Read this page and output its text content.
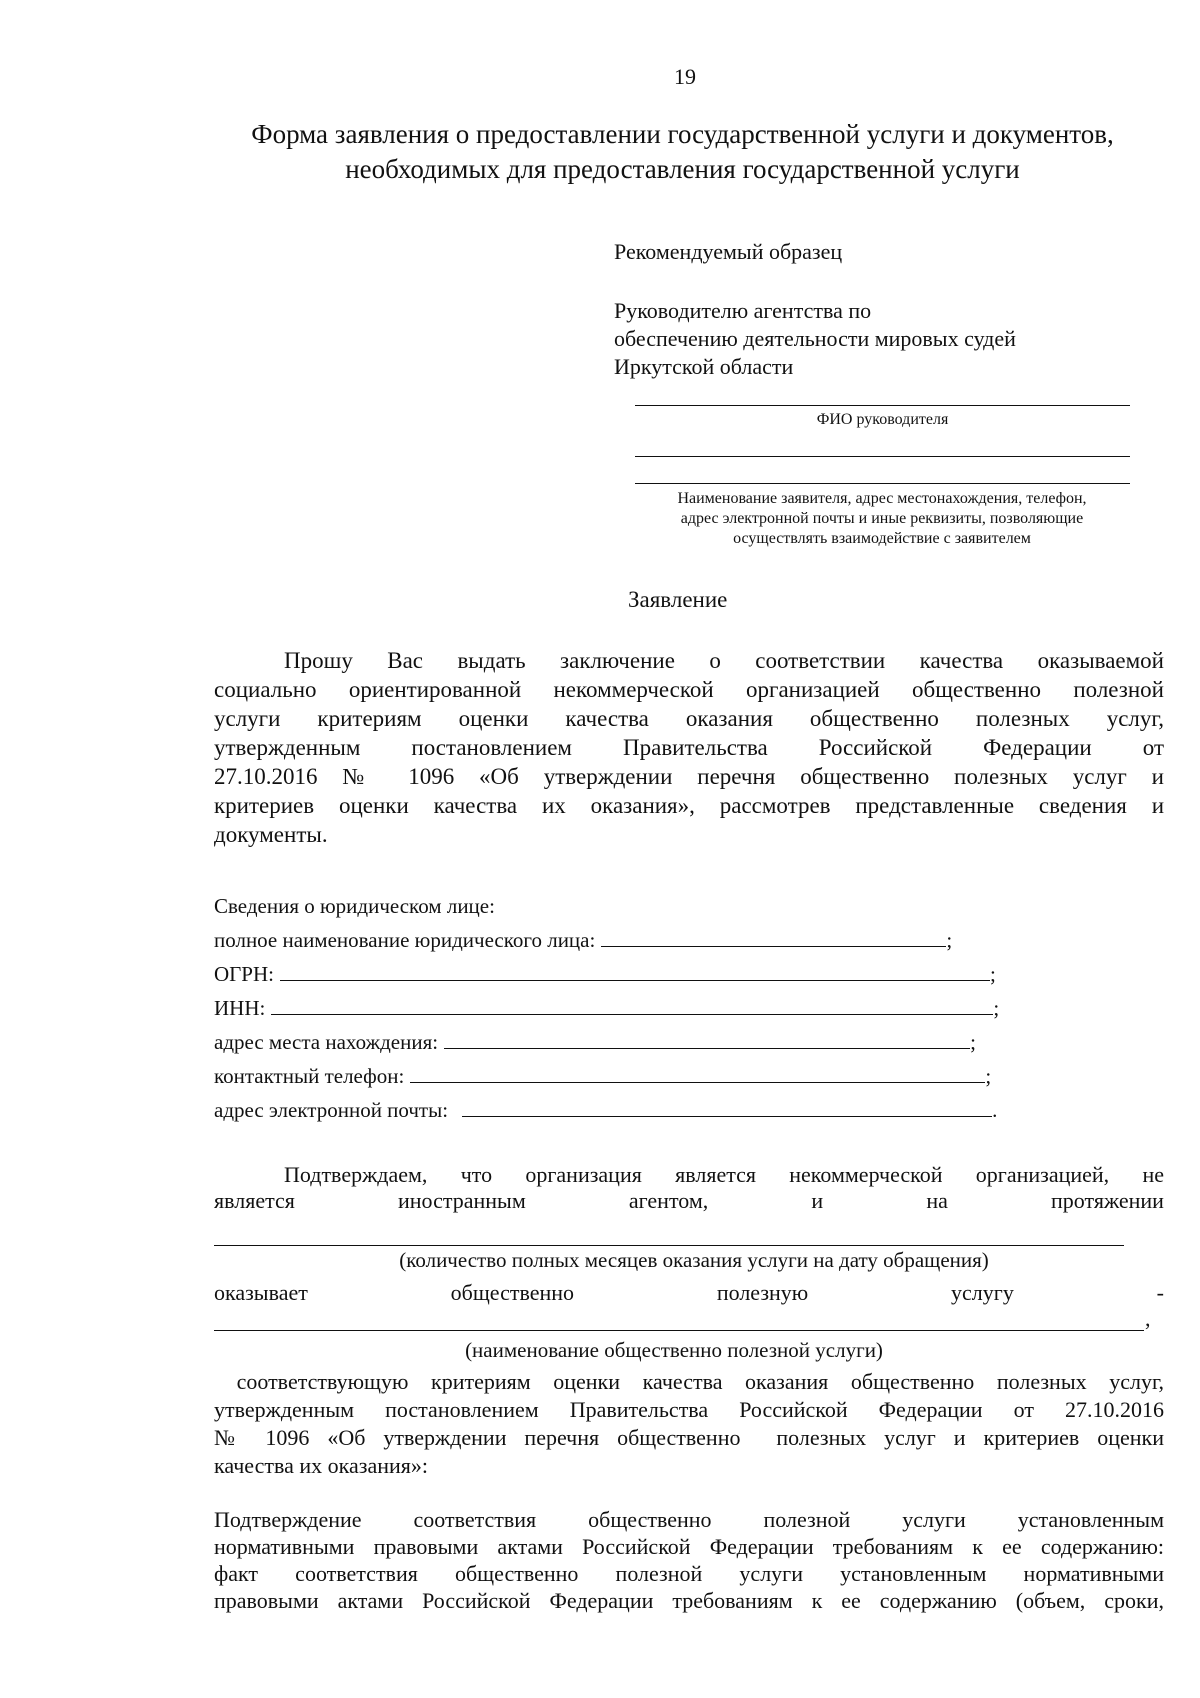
19
Форма заявления о предоставлении государственной услуги и документов,
необходимых для предоставления государственной услуги
Рекомендуемый образец
Руководителю агентства по
обеспечению деятельности мировых судей
Иркутской области
ФИО руководителя
Наименование заявителя, адрес местонахождения, телефон,
адрес электронной почты и иные реквизиты, позволяющие
осуществлять взаимодействие с заявителем
Заявление
Прошу Вас выдать заключение о соответствии качества оказываемой
социально ориентированной некоммерческой организацией общественно полезной
услуги критериям оценки качества оказания общественно полезных услуг,
утвержденным постановлением Правительства Российской Федерации от
27.10.2016 № 1096 «Об утверждении перечня общественно полезных услуг и
критериев оценки качества их оказания», рассмотрев представленные сведения и
документы.
Сведения о юридическом лице:
полное наименование юридического лица:	;
ОГРН:	;
ИНН:	;
адрес места нахождения:	;
контактный телефон:	;
адрес электронной почты:	.
Подтверждаем, что организация является некоммерческой организацией, не
является	иностранным	агентом,	и	на	протяжении
(количество полных месяцев оказания услуги на дату обращения)
оказывает	общественно	полезную	услугу	-
,
(наименование общественно полезной услуги)
соответствующую критериям оценки качества оказания общественно полезных услуг,
утвержденным постановлением Правительства Российской Федерации от 27.10.2016
№ 1096 «Об утверждении перечня общественно  полезных услуг и критериев оценки
качества их оказания»:
Подтверждение соответствия общественно полезной услуги установленным
нормативными правовыми актами Российской Федерации требованиям к ее содержанию:
факт соответствия общественно полезной услуги установленным нормативными
правовыми актами Российской Федерации требованиям к ее содержанию (объем, сроки,
